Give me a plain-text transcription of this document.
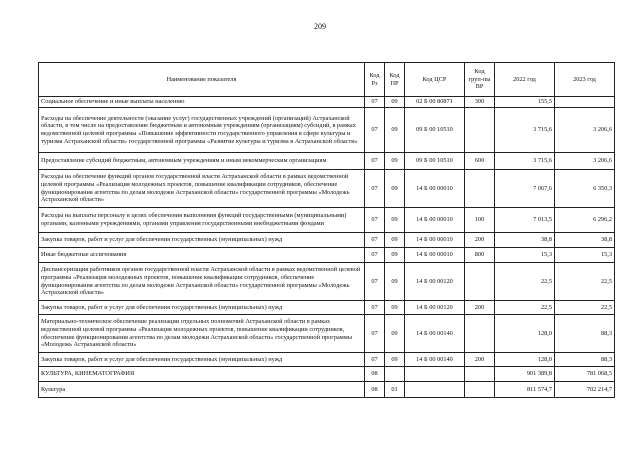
209
Наименование показателя	Код Рз	Код ПР	Код ЦСР	Код груп-пы ВР	2022 год	2023 год
Социальное обеспечение и иные выплаты населению	07	09	02 Б 00 80871	300	155,5	
Расходы на обеспечение деятельности (оказание услуг) государственных учреждений (организаций) Астраханской области, в том числе на предоставление бюджетным и автономным учреждениям (организациям) субсидий, в рамках ведомственной целевой программы «Повышение эффективности государственного управления в сфере культуры и туризма Астраханской области» государственной программы «Развитие культуры и туризма в Астраханской области»	07	09	09 Б 00 10510		3 715,6	3 206,6
Предоставление субсидий бюджетным, автономным учреждениям и иным некоммерческим организациям	07	09	09 Б 00 10510	600	3 715,6	3 206,6
Расходы на обеспечение функций органов государственной власти Астраханской области в рамках ведомственной целевой программы «Реализация молодежных проектов, повышение квалификации сотрудников, обеспечение функционирования агентства по делам молодежи Астраханской области» государственной программы «Молодежь Астраханской области»	07	09	14 Б 00 00010		7 067,6	6 350,3
Расходы на выплаты персоналу в целях обеспечения выполнения функций государственными (муниципальными) органами, казенными учреждениями, органами управления государственными внебюджетными фондами	07	09	14 Б 00 00010	100	7 013,5	6 296,2
Закупка товаров, работ и услуг для обеспечения государственных (муниципальных) нужд	07	09	14 Б 00 00010	200	38,8	38,8
Иные бюджетные ассигнования	07	09	14 Б 00 00010	800	15,3	15,3
Диспансеризация работников органов государственной власти Астраханской области в рамках ведомственной целевой программы «Реализация молодежных проектов, повышение квалификации сотрудников, обеспечение функционирования агентства по делам молодежи Астраханской области» государственной программы «Молодежь Астраханской области»	07	09	14 Б 00 00120		22,5	22,5
Закупка товаров, работ и услуг для обеспечения государственных (муниципальных) нужд	07	09	14 Б 00 00120	200	22,5	22,5
Материально-техническое обеспечение реализации отдельных полномочий Астраханской области в рамках ведомственной целевой программы «Реализация молодежных проектов, повышение квалификации сотрудников, обеспечение функционирования агентства по делам молодежи Астраханской области» государственной программы «Молодежь Астраханской области»	07	09	14 Б 00 00140		128,0	88,3
Закупка товаров, работ и услуг для обеспечения государственных (муниципальных) нужд	07	09	14 Б 00 00140	200	128,0	88,3
КУЛЬТУРА, КИНЕМАТОГРАФИЯ	08				901 389,8	781 068,5
Культура	08	01			811 574,7	702 214,7
